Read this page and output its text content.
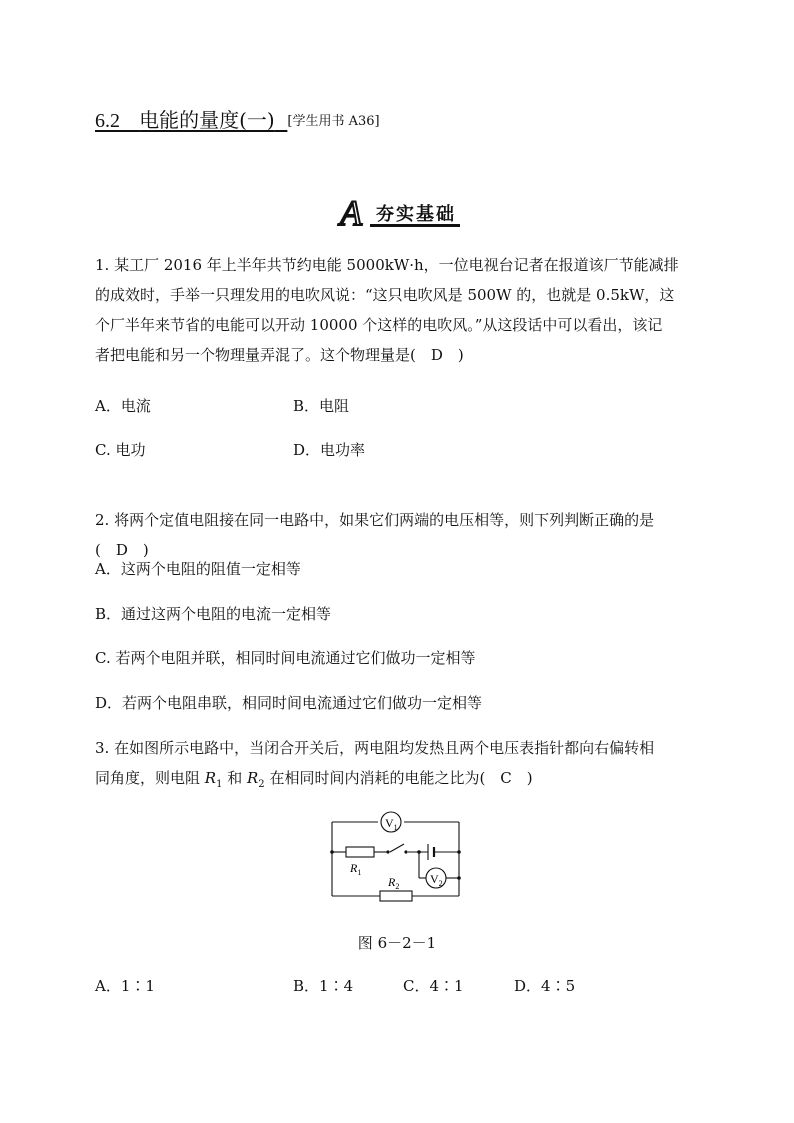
6.2 电能的量度(一) [学生用书 A36]
A 夯实基础
1. 某工厂 2016 年上半年共节约电能 5000kW·h，一位电视台记者在报道该厂节能减排
的成效时，手举一只理发用的电吹风说：“这只电吹风是 500W 的，也就是 0.5kW，这
个厂半年来节省的电能可以开动 10000 个这样的电吹风。”从这段话中可以看出，该记
者把电能和另一个物理量弄混了。这个物理量是(　D　)
A．电流	B．电阻
C. 电功	D．电功率
2. 将两个定值电阻接在同一电路中，如果它们两端的电压相等，则下列判断正确的是
(　D　)
A．这两个电阻的阻值一定相等
B．通过这两个电阻的电流一定相等
C. 若两个电阻并联，相同时间电流通过它们做功一定相等
D．若两个电阻串联，相同时间电流通过它们做功一定相等
3. 在如图所示电路中，当闭合开关后，两电阻均发热且两个电压表指针都向右偏转相
同角度，则电阻 $R_1$ 和 $R_2$ 在相同时间内消耗的电能之比为(　C　)
$V_1$
$V_2$
$R_1$
$R_2$
图 6－2－1
A．1∶1	B．1∶4	C．4∶1	D．4∶5
